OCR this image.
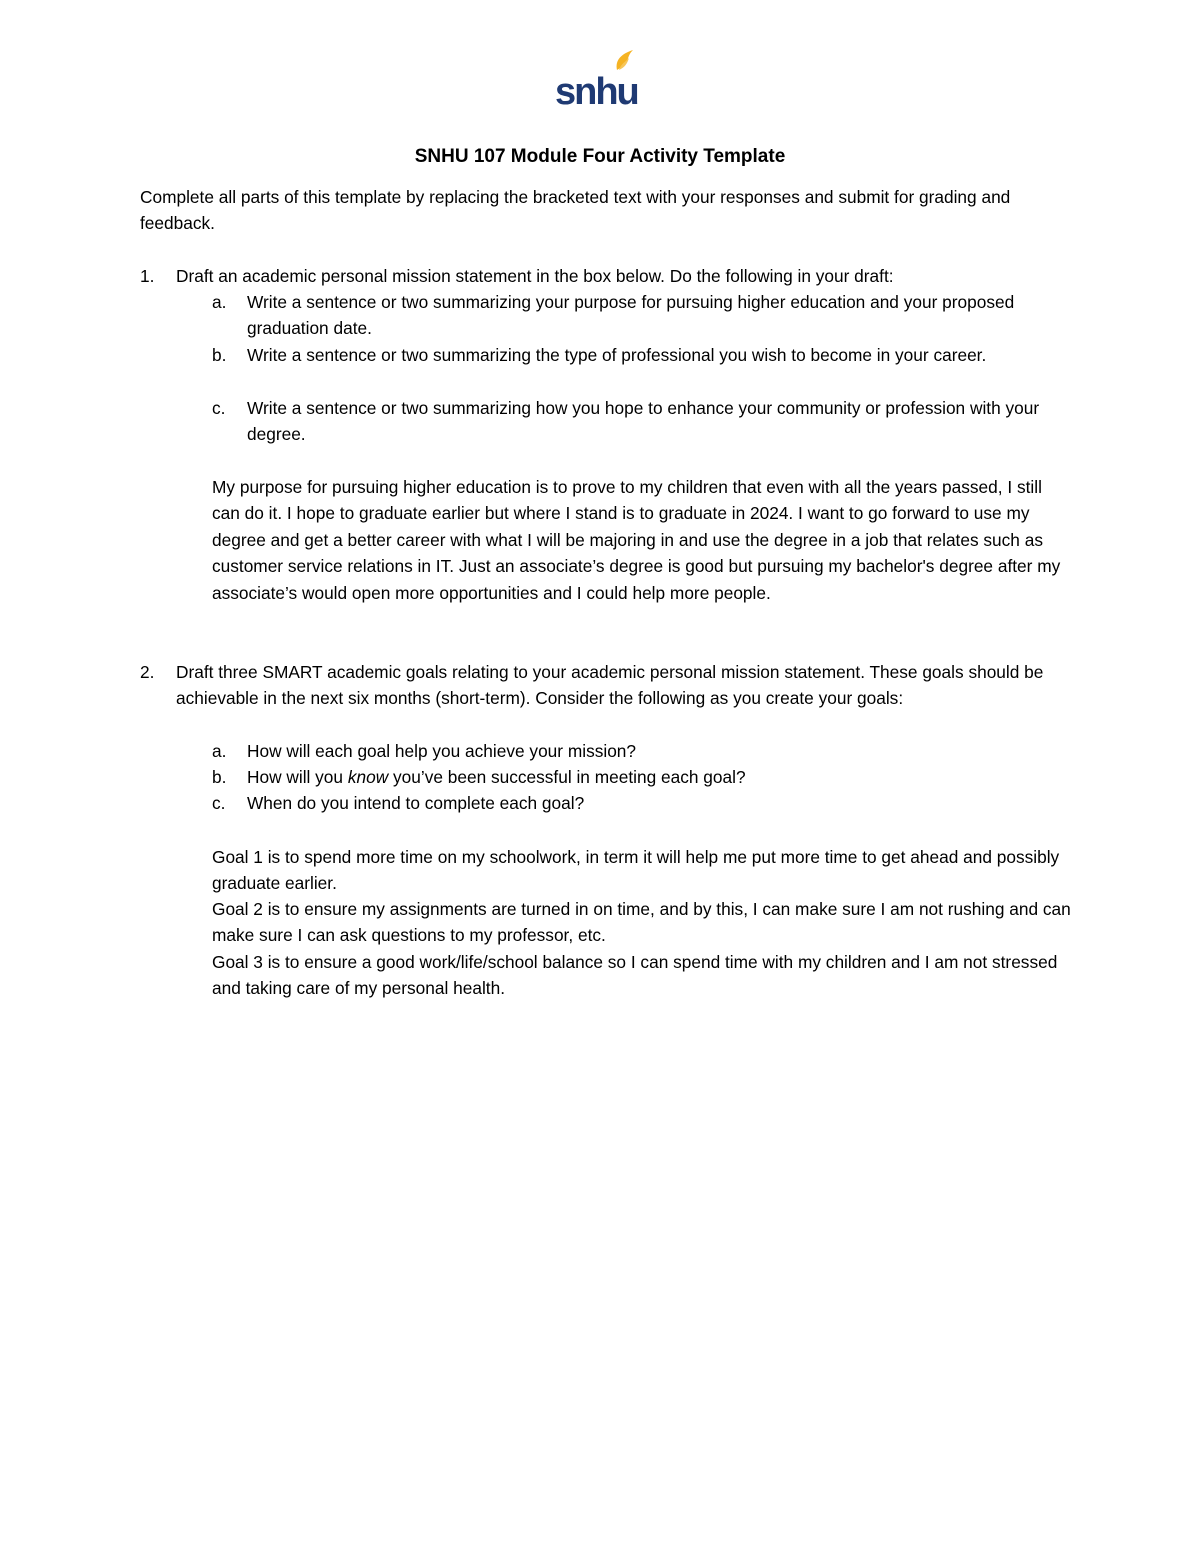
snhu
SNHU 107 Module Four Activity Template
Complete all parts of this template by replacing the bracketed text with your responses and submit for grading and feedback.
1. Draft an academic personal mission statement in the box below. Do the following in your draft:
a. Write a sentence or two summarizing your purpose for pursuing higher education and your proposed graduation date.
b. Write a sentence or two summarizing the type of professional you wish to become in your career.
c. Write a sentence or two summarizing how you hope to enhance your community or profession with your degree.
My purpose for pursuing higher education is to prove to my children that even with all the years passed, I still can do it. I hope to graduate earlier but where I stand is to graduate in 2024. I want to go forward to use my degree and get a better career with what I will be majoring in and use the degree in a job that relates such as customer service relations in IT. Just an associate’s degree is good but pursuing my bachelor's degree after my associate’s would open more opportunities and I could help more people.
2. Draft three SMART academic goals relating to your academic personal mission statement. These goals should be achievable in the next six months (short-term). Consider the following as you create your goals:
a. How will each goal help you achieve your mission?
b. How will you know you’ve been successful in meeting each goal?
c. When do you intend to complete each goal?
Goal 1 is to spend more time on my schoolwork, in term it will help me put more time to get ahead and possibly graduate earlier.
Goal 2 is to ensure my assignments are turned in on time, and by this, I can make sure I am not rushing and can make sure I can ask questions to my professor, etc.
Goal 3 is to ensure a good work/life/school balance so I can spend time with my children and I am not stressed and taking care of my personal health.
